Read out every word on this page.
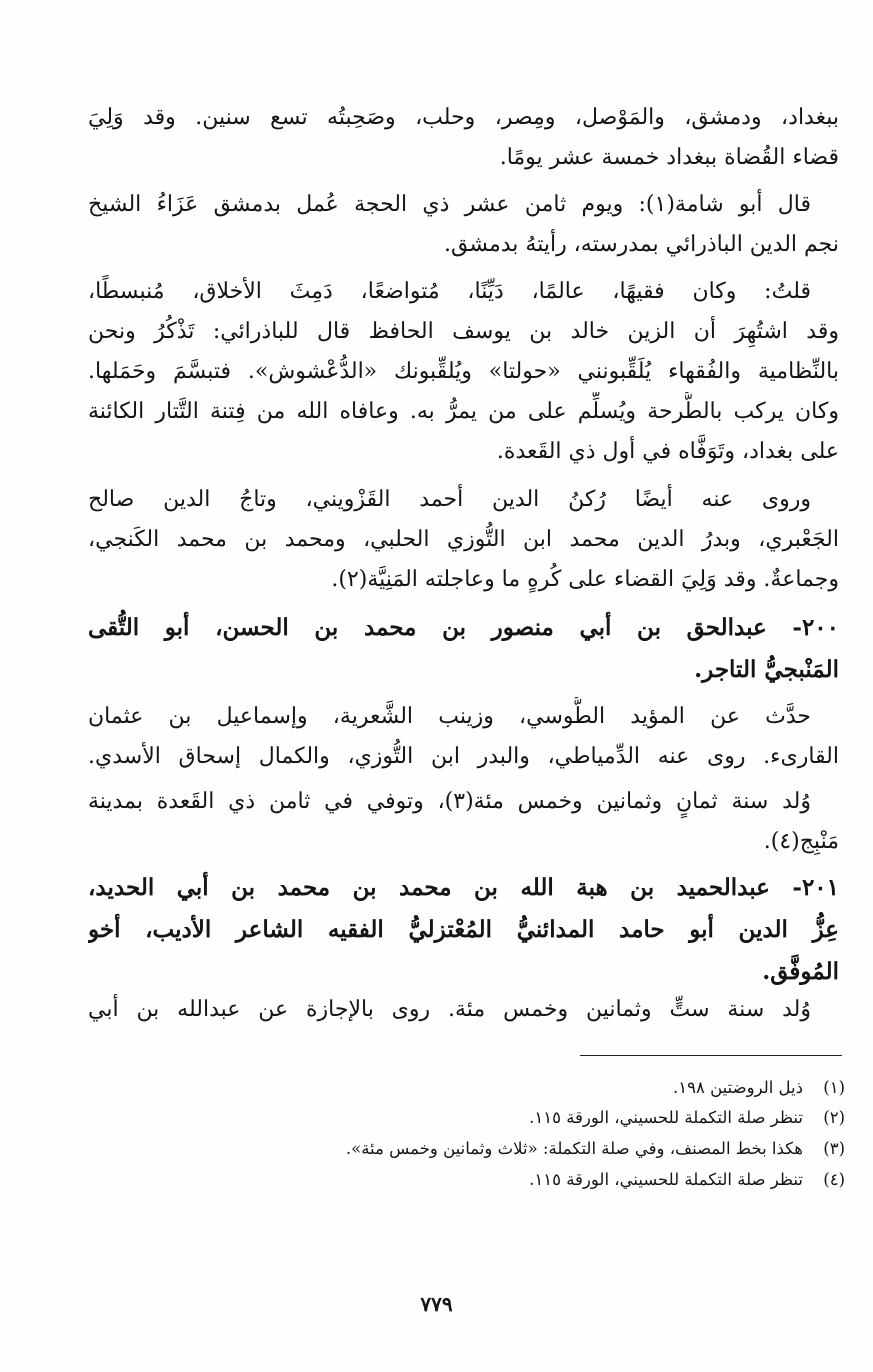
ببغداد، ودمشق، والمَوْصل، ومِصر، وحلب، وصَحِبتُه تسع سنين. وقد وَلِيَ
قضاء القُضاة ببغداد خمسة عشر يومًا.
قال أبو شامة(١): ويوم ثامن عشر ذي الحجة عُمل بدمشق عَزَاءُ الشيخ
نجم الدين الباذرائي بمدرسته، رأيتهُ بدمشق.
قلتُ: وكان فقيهًا، عالمًا، دَيِّنًا، مُتواضعًا، دَمِثَ الأخلاق، مُنبسطًا،
وقد اشتُهِرَ أن الزين خالد بن يوسف الحافظ قال للباذرائي: تَذْكُرُ ونحن
بالنِّظامية والفُقهاء يُلَقِّبونني «حولتا» ويُلقِّبونك «الدُّعْشوش». فتبسَّمَ وحَمَلها.
وكان يركب بالطُّرحة ويُسلِّم على من يمرُّ به. وعافاه الله من فِتنة التَّتار الكائنة
على بغداد، وتَوَفَّاه في أول ذي القَعدة.
وروى عنه أيضًا رُكنُ الدين أحمد القَزْويني، وتاجُ الدين صالح
الجَعْبري، وبدرُ الدين محمد ابن التُّوزي الحلبي، ومحمد بن محمد الكَنجي،
وجماعةٌ. وقد وَلِيَ القضاء على كُرهٍ ما وعاجلته المَنِيَّة(٢).
٢٠٠- عبدالحق بن أبي منصور بن محمد بن الحسن، أبو التُّقى
المَنْبجيُّ التاجر.
حدَّث عن المؤيد الطُّوسي، وزينب الشَّعرية، وإسماعيل بن عثمان
القارىء. روى عنه الدِّمياطي، والبدر ابن التُّوزي، والكمال إسحاق الأسدي.
وُلد سنة ثمانٍ وثمانين وخمس مئة(٣)، وتوفي في ثامن ذي القَعدة بمدينة
مَنْبِج(٤).
٢٠١- عبدالحميد بن هبة الله بن محمد بن محمد بن أبي الحديد،
عِزُّ الدين أبو حامد المدائنيُّ المُعْتزليُّ الفقيه الشاعر الأديب، أخو
المُوفَّق.
وُلد سنة ستٍّ وثمانين وخمس مئة. روى بالإجازة عن عبدالله بن أبي
(١)ذيل الروضتين ١٩٨.
(٢)تنظر صلة التكملة للحسيني، الورقة ١١٥.
(٣)هكذا بخط المصنف، وفي صلة التكملة: «ثلاث وثمانين وخمس مئة».
(٤)تنظر صلة التكملة للحسيني، الورقة ١١٥.
٧٧٩
